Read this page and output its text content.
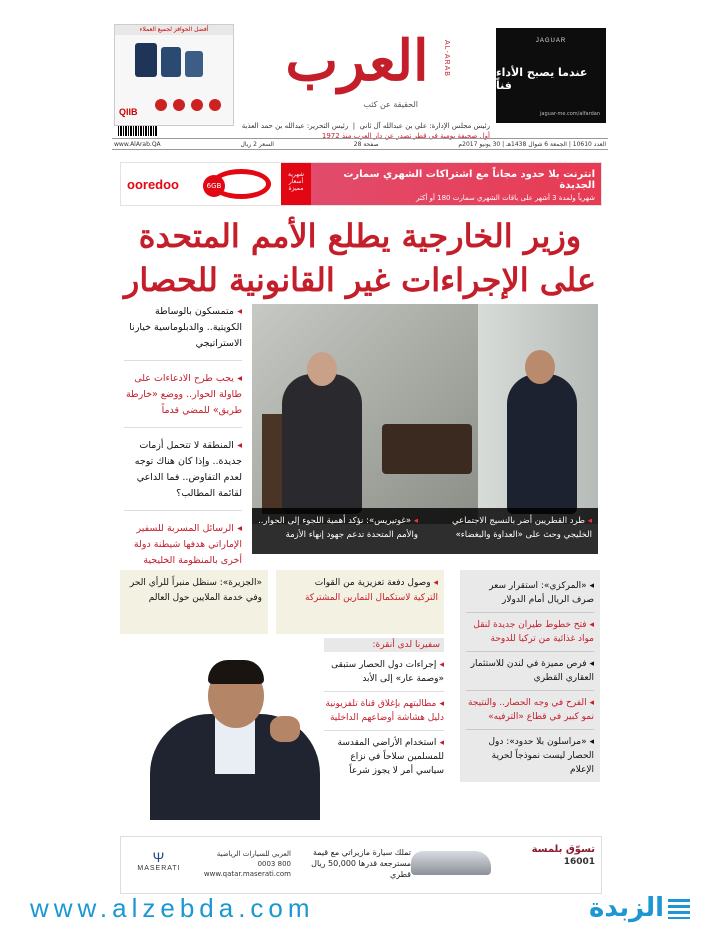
أفضل الحوافز لجميع العملاء
QIIB
العرب	AL-ARAB
الحقيقة عن كثب
JAGUAR
عندما يصبح الأداء فناً
jaguar-me.com/alfardan
رئيس مجلس الإدارة: علي بن عبدالله آل ثاني  |  رئيس التحرير: عبدالله بن حمد العذبة
أول صحيفة يومية في قطر تصدر عن دار العرب منذ 1972
www.AlArab.QA	السعر 2 ريال	28 صفحة	العدد 10610 | الجمعة 6 شوال 1438هـ | 30 يونيو 2017م
ooredoo	6GB
شهرية أسعار مميزة
انترنت بلا حدود مجاناً مع اشتراكات الشهري سمارت الجديدة
شهرياً ولمدة 3 أشهر على باقات الشهري سمارت 180 أو أكثر
وزير الخارجية يطلع الأمم المتحدة
على الإجراءات غير القانونية للحصار
◂ متمسكون بالوساطة الكويتية.. والدبلوماسية خيارنا الاستراتيجي
◂ يجب طرح الادعاءات على طاولة الحوار.. ووضع «خارطة طريق» للمضي قدماً
◂ المنطقة لا تتحمل أزمات جديدة.. وإذا كان هناك توجه لعدم التفاوض.. فما الداعي لقائمة المطالب؟
◂ الرسائل المسربة للسفير الإماراتي هدفها شيطنة دولة أخرى بالمنظومة الخليجية
◂ طرد القطريين أضر بالنسيج الاجتماعي الخليجي وحث على «العداوة والبغضاء»
◂ «غوتيريس»: نؤكد أهمية اللجوء إلى الحوار.. والأمم المتحدة تدعم جهود إنهاء الأزمة
«الجزيرة»: سنظل منبراً للرأي الحر وفي خدمة الملايين حول العالم
◂ وصول دفعة تعزيزية من القوات
التركية لاستكمال التمارين المشتركة
◂ «المركزي»: استقرار سعر صرف الريال أمام الدولار
◂ فتح خطوط طيران جديدة لنقل مواد غذائية من تركيا للدوحة
◂ فرص مميزة في لندن للاستثمار العقاري القطري
◂ الفرح في وجه الحصار.. والنتيجة نمو كبير في قطاع «الترفيه»
◂ «مراسلون بلا حدود»: دول الحصار ليست نموذجاً لحرية الإعلام
سفيرنا لدى أنقرة:
◂ إجراءات دول الحصار ستبقى «وصمة عار» إلى الأبد
◂ مطالبتهم بإغلاق قناة تلفزيونية دليل هشاشة أوضاعهم الداخلية
◂ استخدام الأراضي المقدسة للمسلمين سلاحاً في نزاع سياسي أمر لا يجوز شرعاً
Ψ
MASERATI
العربي للسيارات الرياضية
800 0003
www.qatar.maserati.com
تملك سيارة مازيراتي مع قيمة مسترجعة قدرها 50,000 ريال قطري
تسوّق بلمسة
16001
www.alzebda.com	الزبدة
